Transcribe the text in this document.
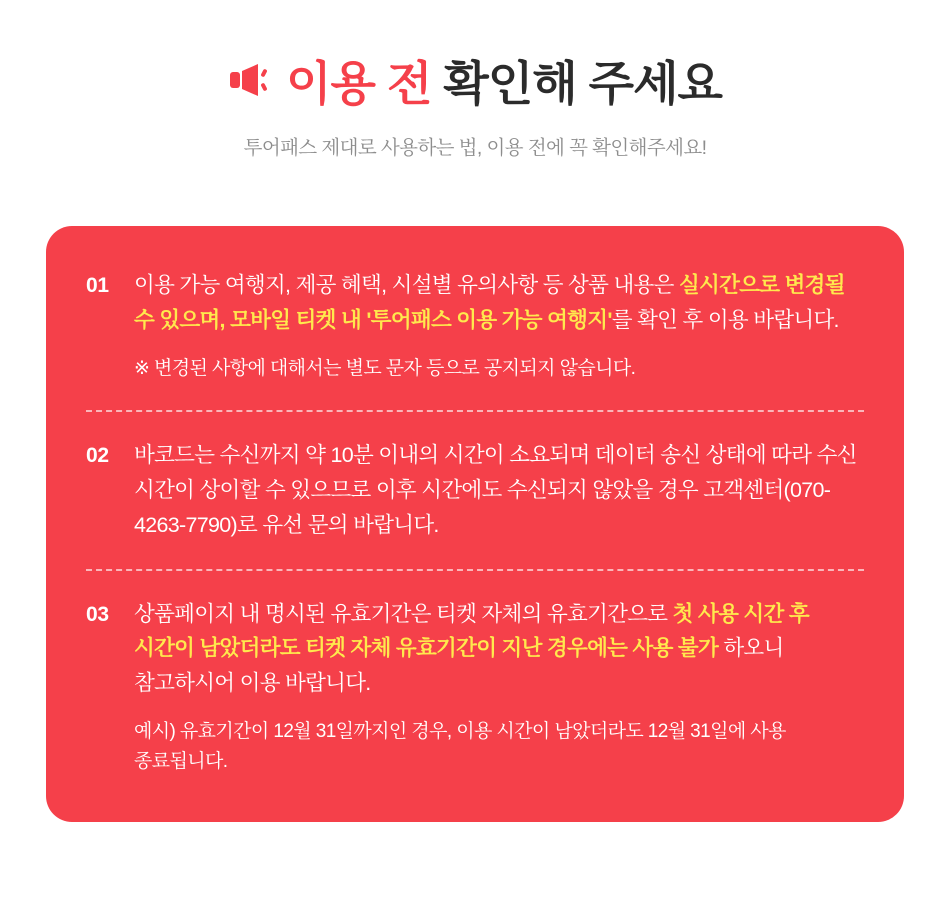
이용 전 확인해 주세요
투어패스 제대로 사용하는 법, 이용 전에 꼭 확인해주세요!
01	이용 가능 여행지, 제공 혜택, 시설별 유의사항 등 상품 내용은 실시간으로 변경될 수 있으며, 모바일 티켓 내 '투어패스 이용 가능 여행지'를 확인 후 이용 바랍니다.
※ 변경된 사항에 대해서는 별도 문자 등으로 공지되지 않습니다.
02	바코드는 수신까지 약 10분 이내의 시간이 소요되며 데이터 송신 상태에 따라 수신 시간이 상이할 수 있으므로 이후 시간에도 수신되지 않았을 경우 고객센터(070-4263-7790)로 유선 문의 바랍니다.
03	상품페이지 내 명시된 유효기간은 티켓 자체의 유효기간으로 첫 사용 시간 후 시간이 남았더라도 티켓 자체 유효기간이 지난 경우에는 사용 불가 하오니 참고하시어 이용 바랍니다.
예시) 유효기간이 12월 31일까지인 경우, 이용 시간이 남았더라도 12월 31일에 사용 종료됩니다.
